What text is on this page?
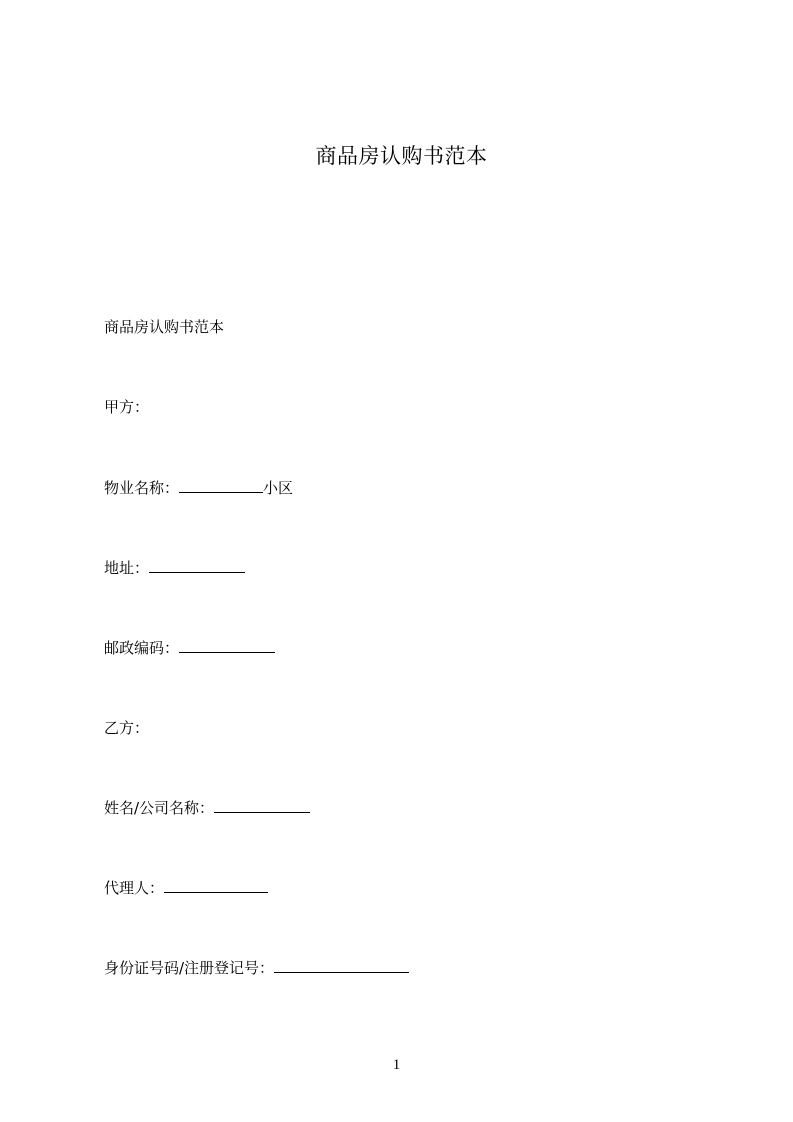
商品房认购书范本
商品房认购书范本
甲方：
物业名称：	小区
地址：
邮政编码：
乙方：
姓名/公司名称：
代理人：
身份证号码/注册登记号：
1
